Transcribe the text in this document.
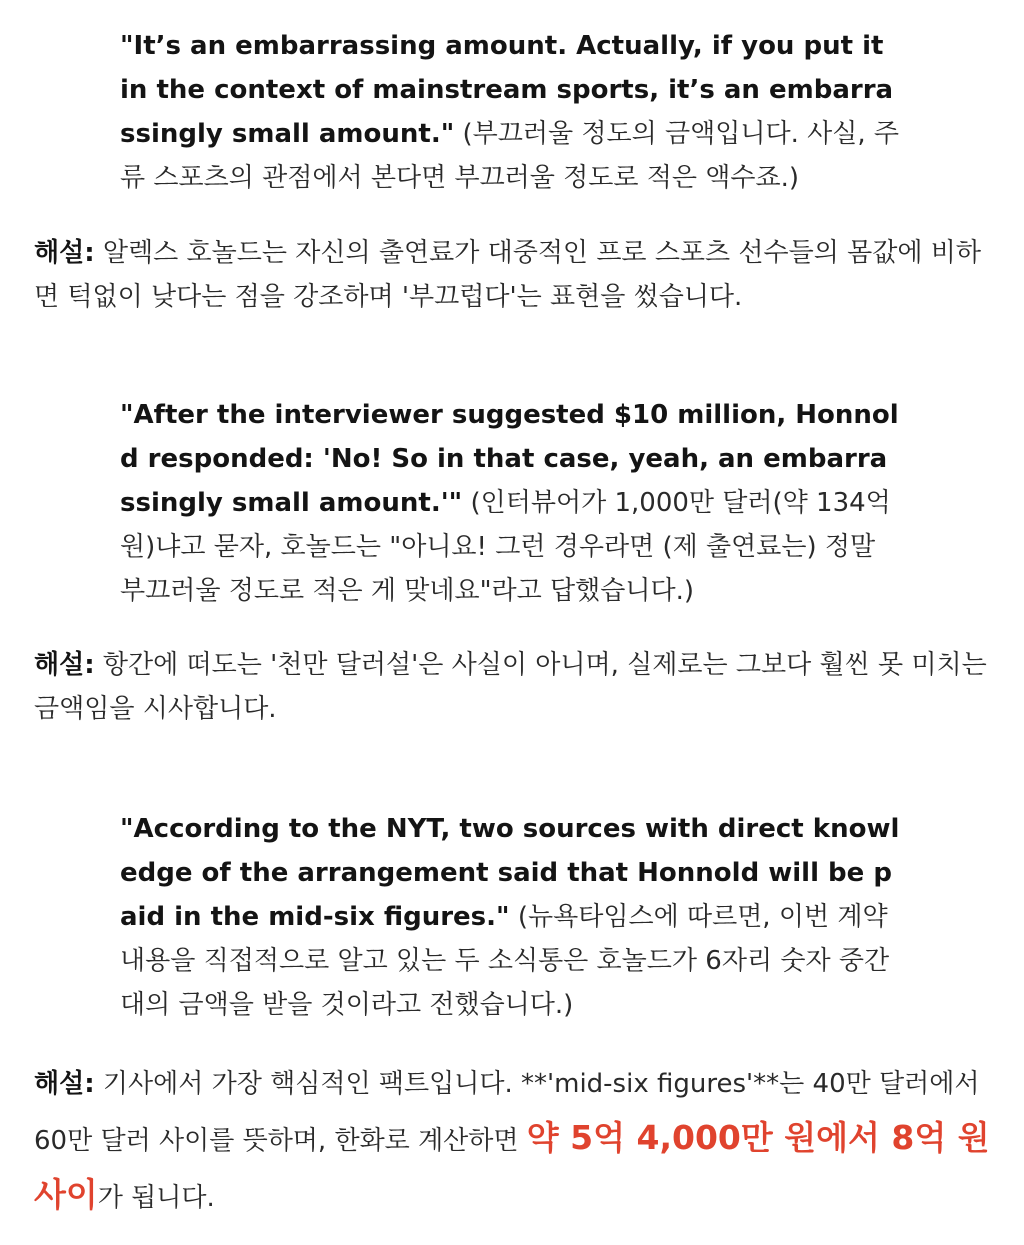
"It’s an embarrassing amount. Actually, if you put it in the context of mainstream sports, it’s an embarrassingly small amount." (부끄러울 정도의 금액입니다. 사실, 주류 스포츠의 관점에서 본다면 부끄러울 정도로 적은 액수죠.)

해설: 알렉스 호놀드는 자신의 출연료가 대중적인 프로 스포츠 선수들의 몸값에 비하면 턱없이 낮다는 점을 강조하며 '부끄럽다'는 표현을 썼습니다.

"After the interviewer suggested $10 million, Honnold responded: 'No! So in that case, yeah, an embarrassingly small amount.'" (인터뷰어가 1,000만 달러(약 134억 원)냐고 묻자, 호놀드는 "아니요! 그런 경우라면 (제 출연료는) 정말 부끄러울 정도로 적은 게 맞네요"라고 답했습니다.)

해설: 항간에 떠도는 '천만 달러설'은 사실이 아니며, 실제로는 그보다 훨씬 못 미치는 금액임을 시사합니다.

"According to the NYT, two sources with direct knowledge of the arrangement said that Honnold will be paid in the mid-six figures." (뉴욕타임스에 따르면, 이번 계약 내용을 직접적으로 알고 있는 두 소식통은 호놀드가 6자리 숫자 중간대의 금액을 받을 것이라고 전했습니다.)

해설: 기사에서 가장 핵심적인 팩트입니다. **'mid-six figures'**는 40만 달러에서 60만 달러 사이를 뜻하며, 한화로 계산하면 약 5억 4,000만 원에서 8억 원 사이가 됩니다.
